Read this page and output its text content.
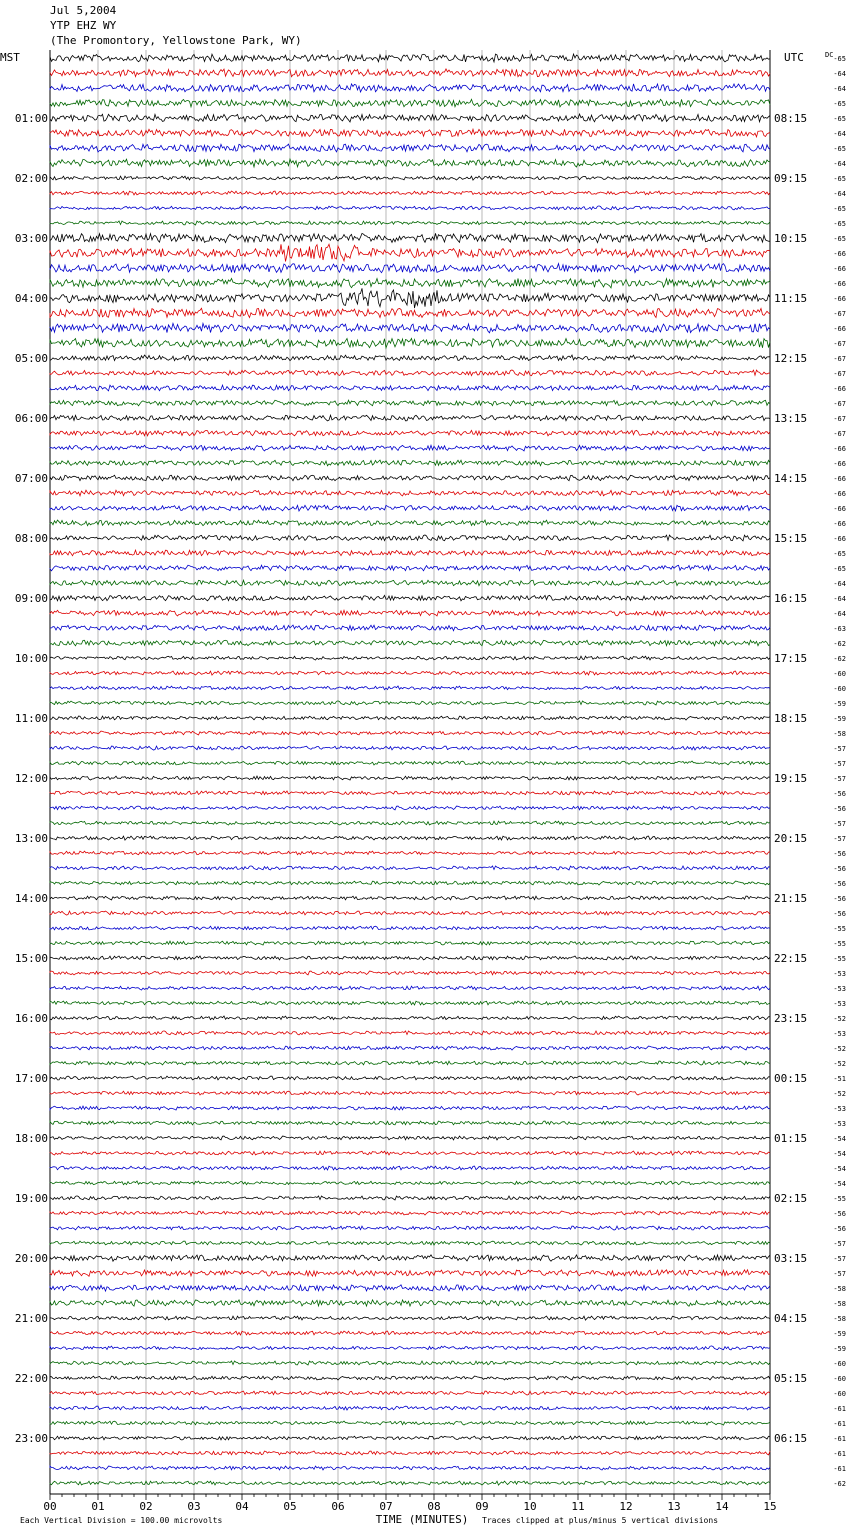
Jul 5,2004
YTP EHZ WY
(The Promontory, Yellowstone Park, WY)
-65
-64
-64
-65
-65
-64
-65
-64
-65
-64
-65
-65
-65
-66
-66
-66
-66
-67
-66
-67
-67
-67
-66
-67
-67
-67
-66
-66
-66
-66
-66
-66
-66
-65
-65
-64
-64
-64
-63
-62
-62
-60
-60
-59
-59
-58
-57
-57
-57
-56
-56
-57
-57
-56
-56
-56
-56
-56
-55
-55
-55
-53
-53
-53
-52
-53
-52
-52
-51
-52
-53
-53
-54
-54
-54
-54
-55
-56
-56
-57
-57
-57
-58
-58
-58
-59
-59
-60
-60
-60
-61
-61
-61
-61
-61
-62
MST	UTC	DC
01:00
02:00
03:00
04:00
05:00
06:00
07:00
08:00
09:00
10:00
11:00
12:00
13:00
14:00
15:00
16:00
17:00
18:00
19:00
20:00
21:00
22:00
23:00
08:15
09:15
10:15
11:15
12:15
13:15
14:15
15:15
16:15
17:15
18:15
19:15
20:15
21:15
22:15
23:15
00:15
01:15
02:15
03:15
04:15
05:15
06:15
00	01	02	03	04	05	06	07	08	09	10	11	12	13	14	15
TIME (MINUTES)
Each Vertical Division = 100.00 microvolts	Traces clipped at plus/minus 5 vertical divisions
